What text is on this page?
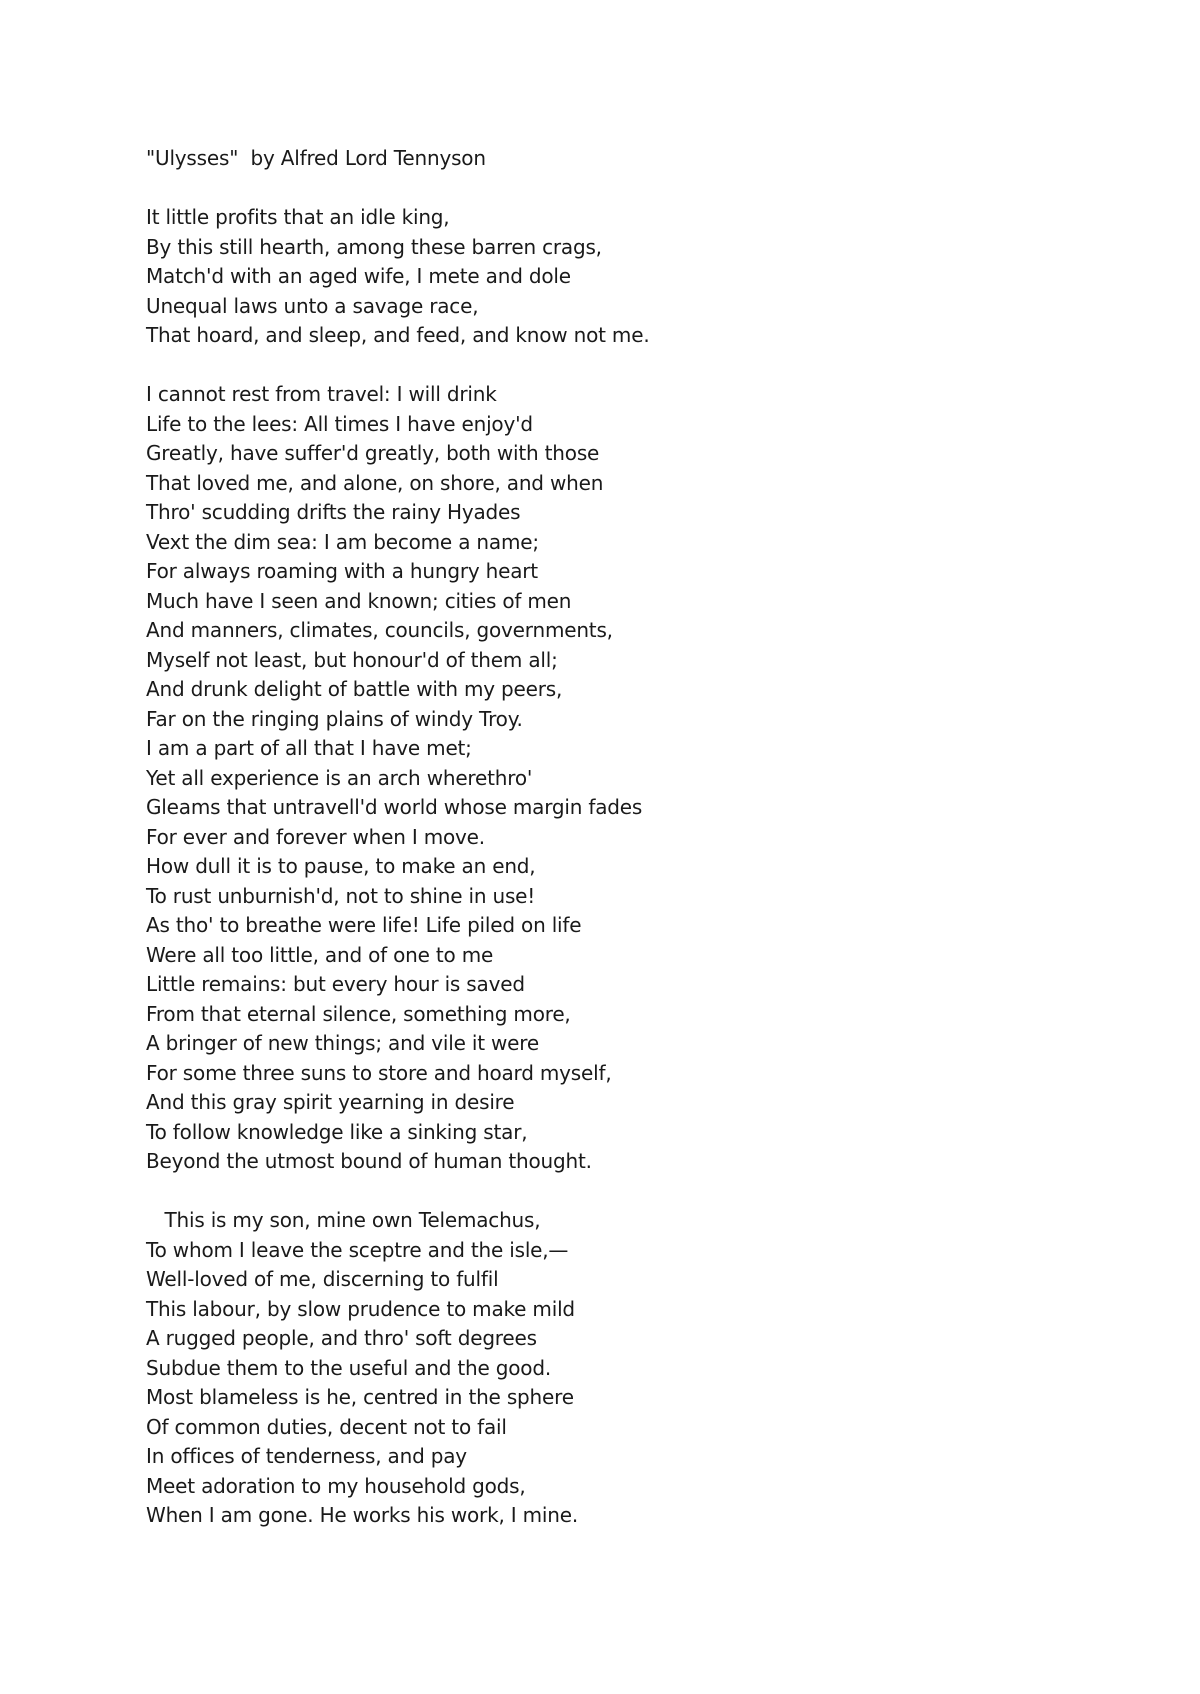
"Ulysses"  by Alfred Lord Tennyson
It little profits that an idle king,
By this still hearth, among these barren crags,
Match'd with an aged wife, I mete and dole
Unequal laws unto a savage race,
That hoard, and sleep, and feed, and know not me.
I cannot rest from travel: I will drink
Life to the lees: All times I have enjoy'd
Greatly, have suffer'd greatly, both with those
That loved me, and alone, on shore, and when
Thro' scudding drifts the rainy Hyades
Vext the dim sea: I am become a name;
For always roaming with a hungry heart
Much have I seen and known; cities of men
And manners, climates, councils, governments,
Myself not least, but honour'd of them all;
And drunk delight of battle with my peers,
Far on the ringing plains of windy Troy.
I am a part of all that I have met;
Yet all experience is an arch wherethro'
Gleams that untravell'd world whose margin fades
For ever and forever when I move.
How dull it is to pause, to make an end,
To rust unburnish'd, not to shine in use!
As tho' to breathe were life! Life piled on life
Were all too little, and of one to me
Little remains: but every hour is saved
From that eternal silence, something more,
A bringer of new things; and vile it were
For some three suns to store and hoard myself,
And this gray spirit yearning in desire
To follow knowledge like a sinking star,
Beyond the utmost bound of human thought.
This is my son, mine own Telemachus,
To whom I leave the sceptre and the isle,—
Well-loved of me, discerning to fulfil
This labour, by slow prudence to make mild
A rugged people, and thro' soft degrees
Subdue them to the useful and the good.
Most blameless is he, centred in the sphere
Of common duties, decent not to fail
In offices of tenderness, and pay
Meet adoration to my household gods,
When I am gone. He works his work, I mine.
